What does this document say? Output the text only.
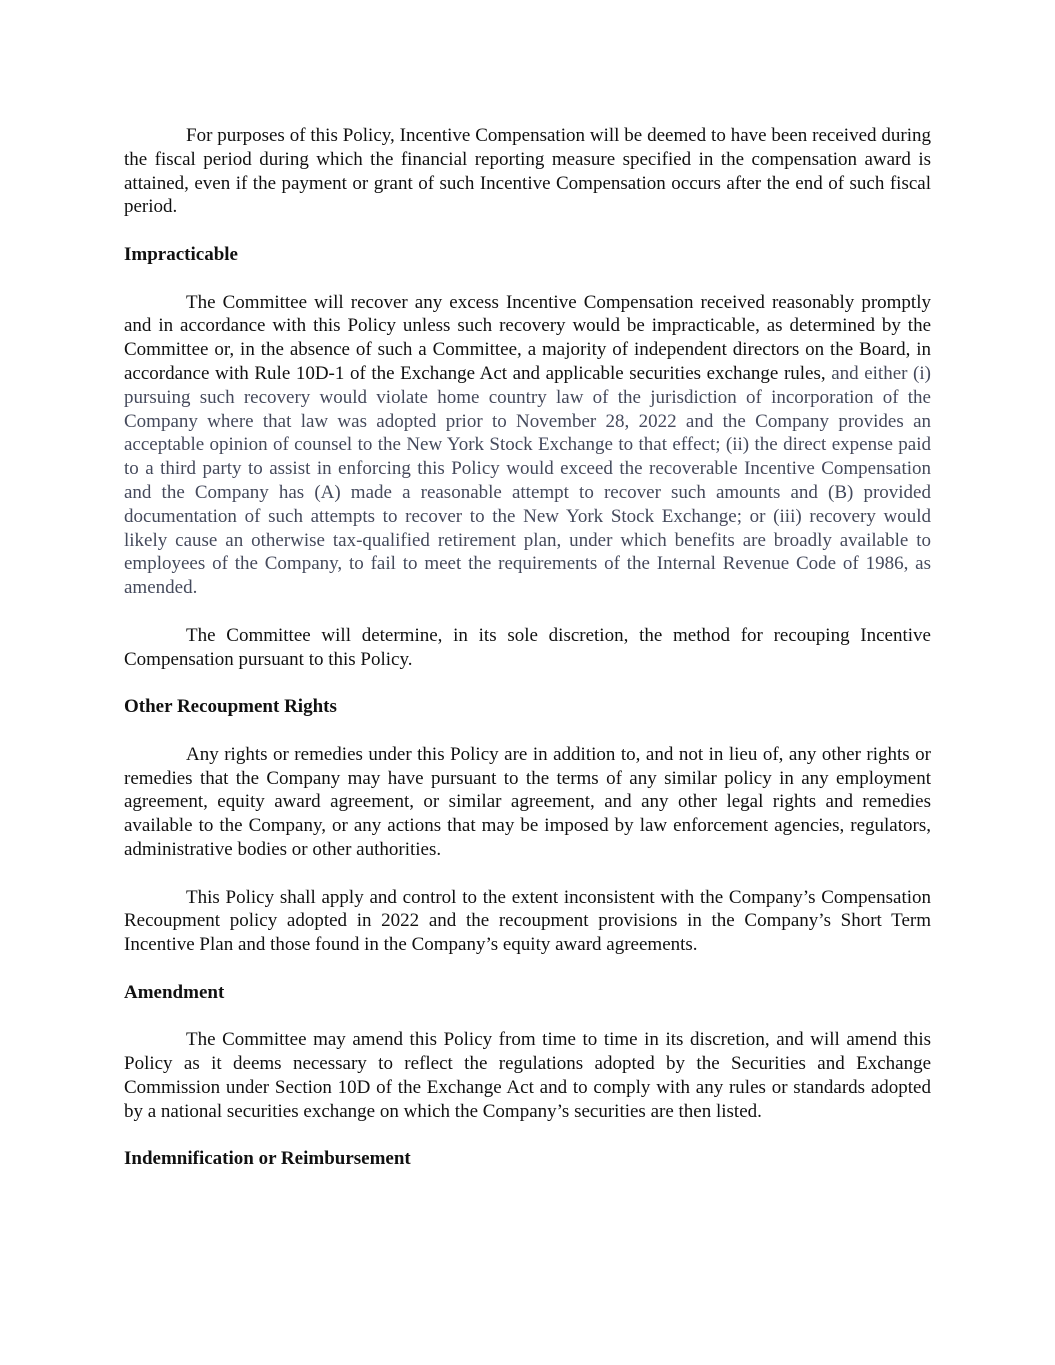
For purposes of this Policy, Incentive Compensation will be deemed to have been received during the fiscal period during which the financial reporting measure specified in the compensation award is attained, even if the payment or grant of such Incentive Compensation occurs after the end of such fiscal period.

Impracticable

The Committee will recover any excess Incentive Compensation received reasonably promptly and in accordance with this Policy unless such recovery would be impracticable, as determined by the Committee or, in the absence of such a Committee, a majority of independent directors on the Board, in accordance with Rule 10D-1 of the Exchange Act and applicable securities exchange rules, and either (i) pursuing such recovery would violate home country law of the jurisdiction of incorporation of the Company where that law was adopted prior to November 28, 2022 and the Company provides an acceptable opinion of counsel to the New York Stock Exchange to that effect; (ii) the direct expense paid to a third party to assist in enforcing this Policy would exceed the recoverable Incentive Compensation and the Company has (A) made a reasonable attempt to recover such amounts and (B) provided documentation of such attempts to recover to the New York Stock Exchange; or (iii) recovery would likely cause an otherwise tax-qualified retirement plan, under which benefits are broadly available to employees of the Company, to fail to meet the requirements of the Internal Revenue Code of 1986, as amended.

The Committee will determine, in its sole discretion, the method for recouping Incentive Compensation pursuant to this Policy.

Other Recoupment Rights

Any rights or remedies under this Policy are in addition to, and not in lieu of, any other rights or remedies that the Company may have pursuant to the terms of any similar policy in any employment agreement, equity award agreement, or similar agreement, and any other legal rights and remedies available to the Company, or any actions that may be imposed by law enforcement agencies, regulators, administrative bodies or other authorities.

This Policy shall apply and control to the extent inconsistent with the Company’s Compensation Recoupment policy adopted in 2022 and the recoupment provisions in the Company’s Short Term Incentive Plan and those found in the Company’s equity award agreements.

Amendment

The Committee may amend this Policy from time to time in its discretion, and will amend this Policy as it deems necessary to reflect the regulations adopted by the Securities and Exchange Commission under Section 10D of the Exchange Act and to comply with any rules or standards adopted by a national securities exchange on which the Company’s securities are then listed.

Indemnification or Reimbursement
